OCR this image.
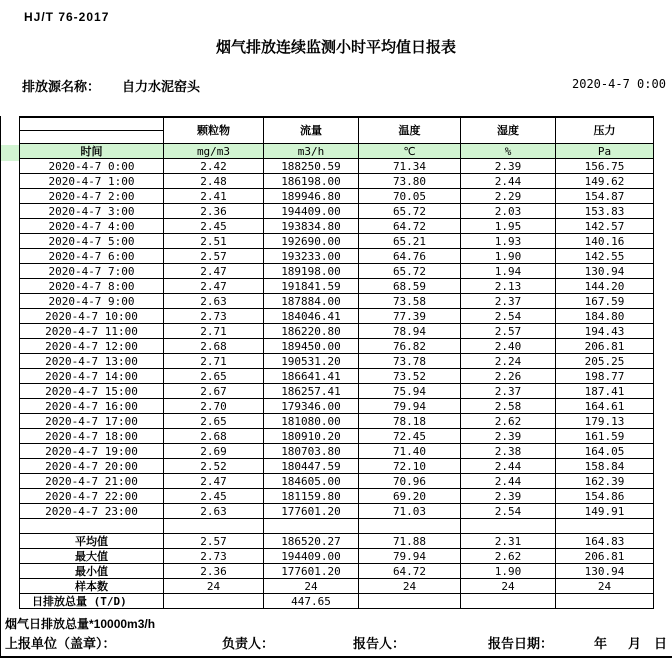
HJ/T 76-2017
烟气排放连续监测小时平均值日报表
排放源名称： 自力水泥窑头	2020-4-7 0:00
	颗粒物	流量	温度	湿度	压力

时间	mg/m3	m3/h	℃	%	Pa
2020-4-7 0:00	2.42	188250.59	71.34	2.39	156.75
2020-4-7 1:00	2.48	186198.00	73.80	2.44	149.62
2020-4-7 2:00	2.41	189946.80	70.05	2.29	154.87
2020-4-7 3:00	2.36	194409.00	65.72	2.03	153.83
2020-4-7 4:00	2.45	193834.80	64.72	1.95	142.57
2020-4-7 5:00	2.51	192690.00	65.21	1.93	140.16
2020-4-7 6:00	2.57	193233.00	64.76	1.90	142.55
2020-4-7 7:00	2.47	189198.00	65.72	1.94	130.94
2020-4-7 8:00	2.47	191841.59	68.59	2.13	144.20
2020-4-7 9:00	2.63	187884.00	73.58	2.37	167.59
2020-4-7 10:00	2.73	184046.41	77.39	2.54	184.80
2020-4-7 11:00	2.71	186220.80	78.94	2.57	194.43
2020-4-7 12:00	2.68	189450.00	76.82	2.40	206.81
2020-4-7 13:00	2.71	190531.20	73.78	2.24	205.25
2020-4-7 14:00	2.65	186641.41	73.52	2.26	198.77
2020-4-7 15:00	2.67	186257.41	75.94	2.37	187.41
2020-4-7 16:00	2.70	179346.00	79.94	2.58	164.61
2020-4-7 17:00	2.65	181080.00	78.18	2.62	179.13
2020-4-7 18:00	2.68	180910.20	72.45	2.39	161.59
2020-4-7 19:00	2.69	180703.80	71.40	2.38	164.05
2020-4-7 20:00	2.52	180447.59	72.10	2.44	158.84
2020-4-7 21:00	2.47	184605.00	70.96	2.44	162.39
2020-4-7 22:00	2.45	181159.80	69.20	2.39	154.86
2020-4-7 23:00	2.63	177601.20	71.03	2.54	149.91

平均值	2.57	186520.27	71.88	2.31	164.83
最大值	2.73	194409.00	79.94	2.62	206.81
最小值	2.36	177601.20	64.72	1.90	130.94
样本数	24	24	24	24	24
日排放总量 (T/D)		447.65			
烟气日排放总量*10000m3/h
上报单位（盖章）：	负责人：	报告人：	报告日期：	年 月 日
